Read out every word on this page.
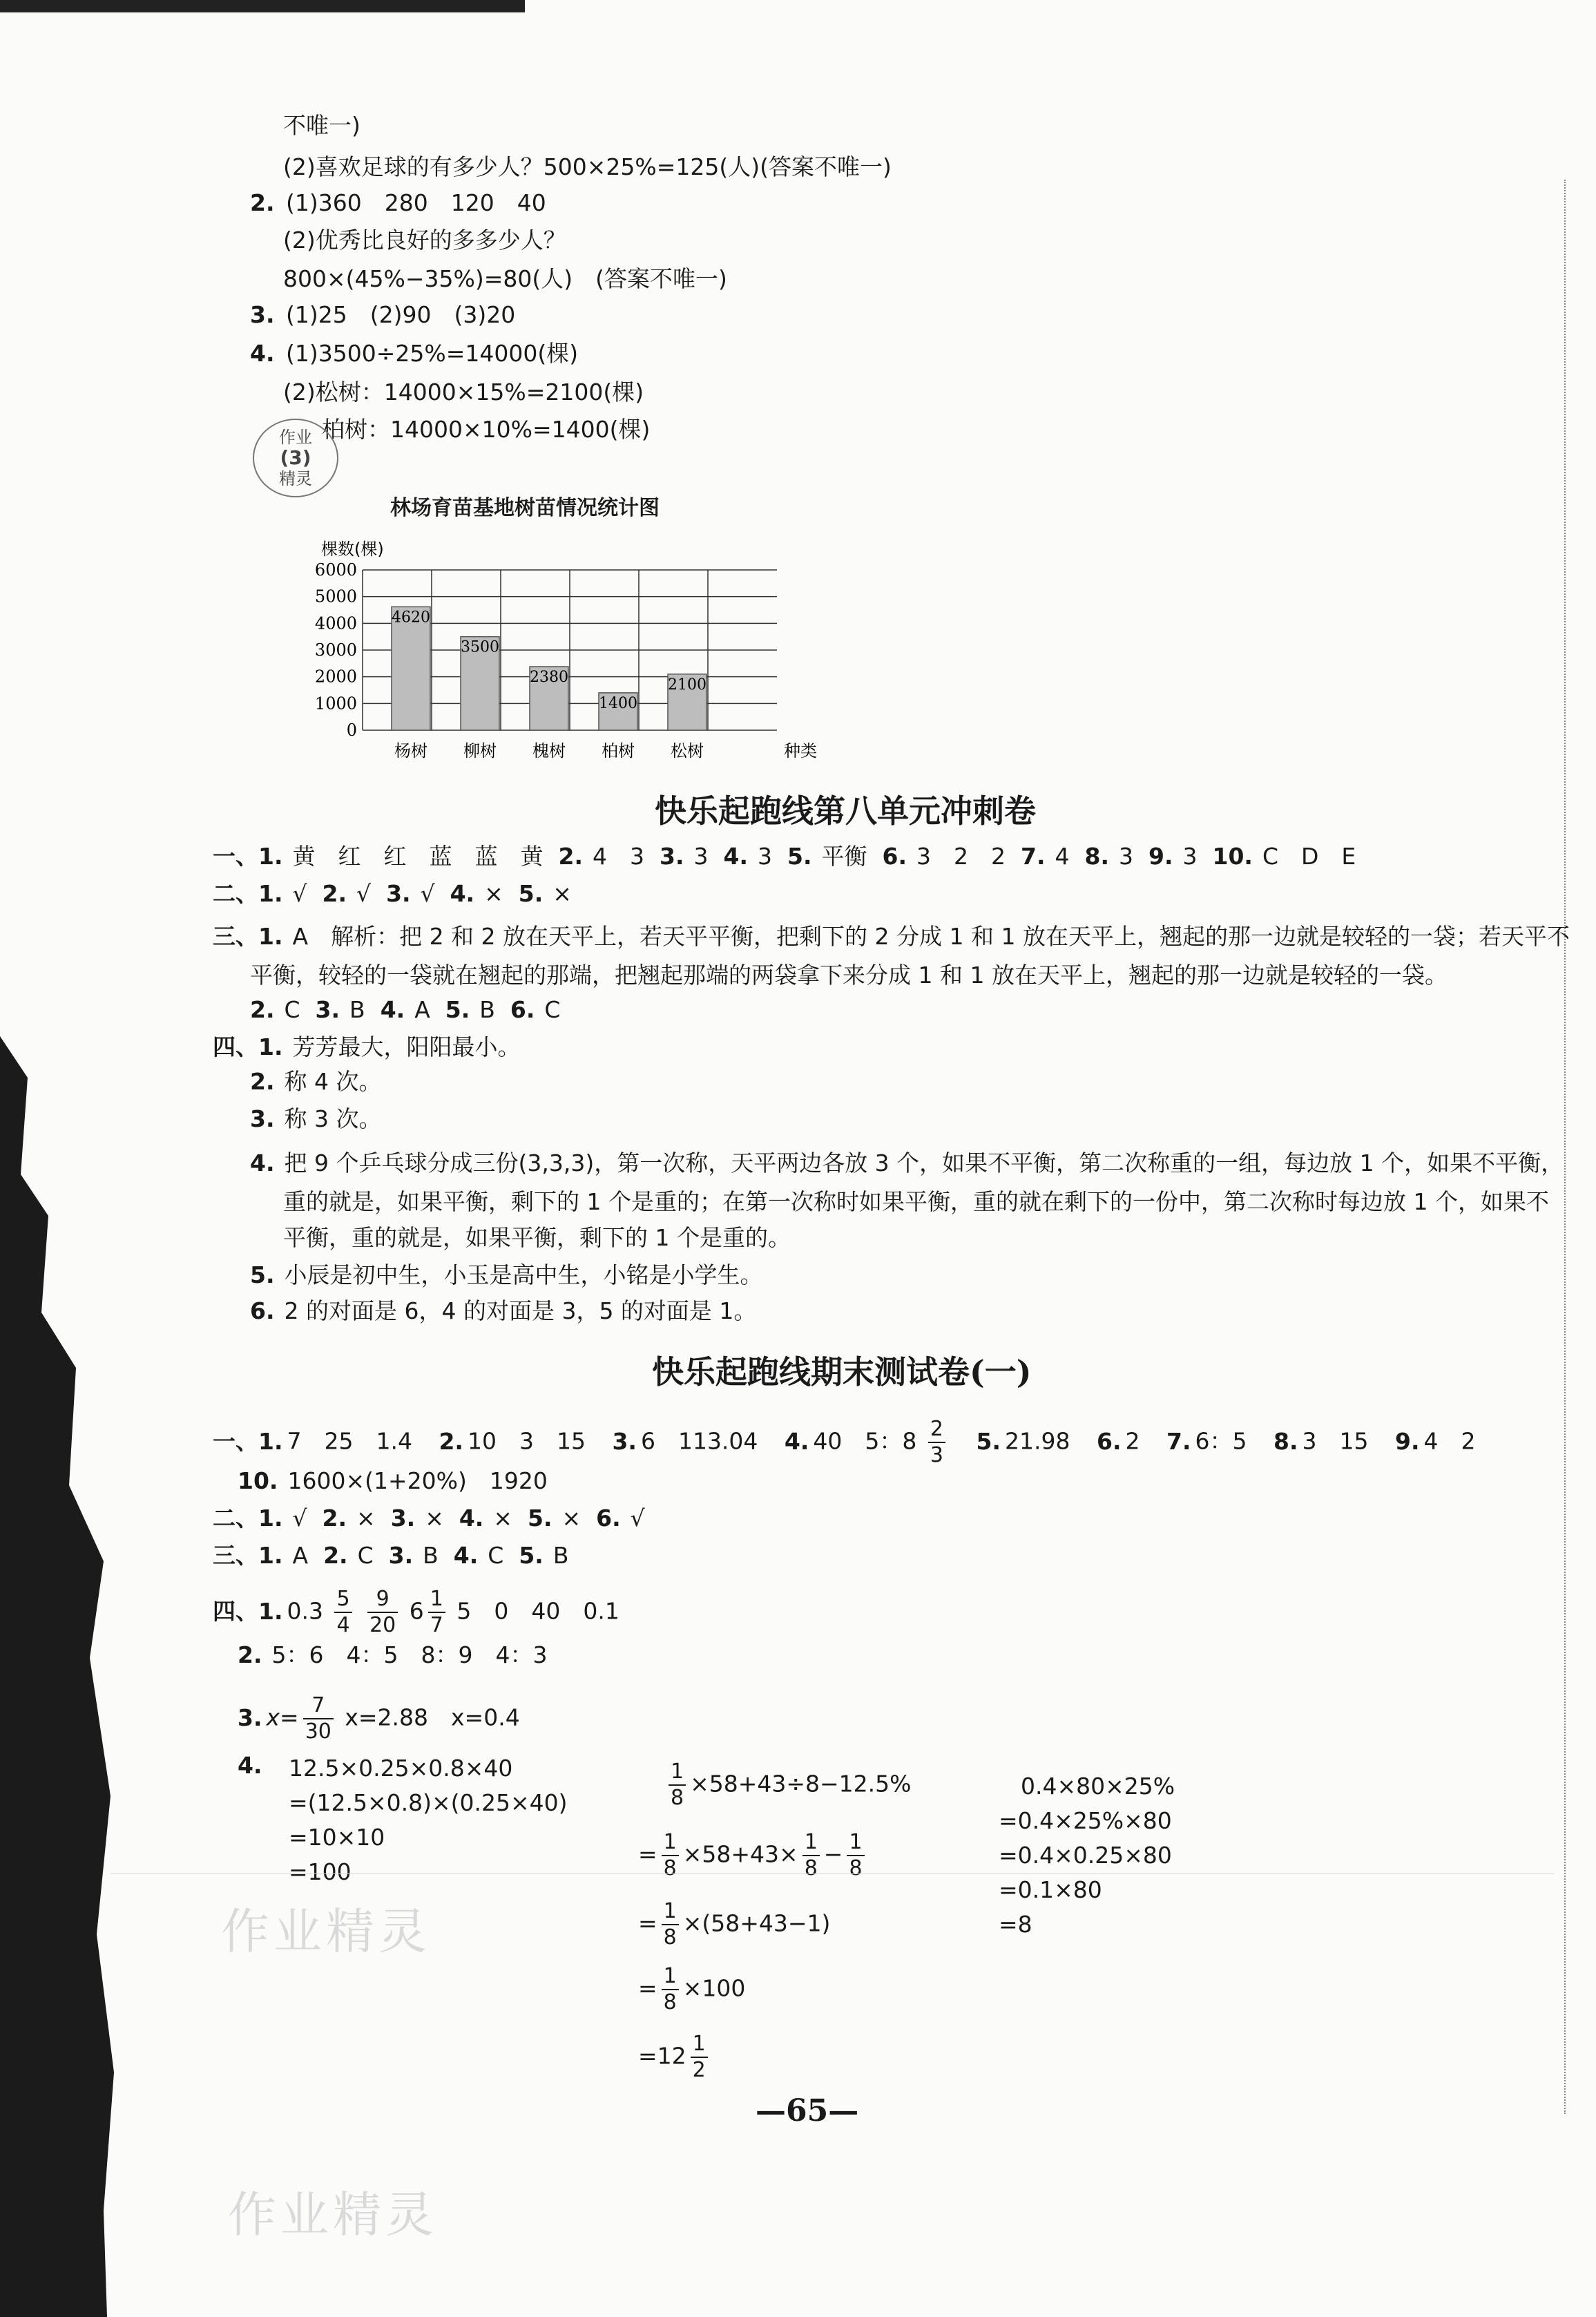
不唯一)
(2)喜欢足球的有多少人？500×25%=125(人)(答案不唯一)
2. (1)360　280　120　40
(2)优秀比良好的多多少人？
800×(45%−35%)=80(人)　(答案不唯一)
3. (1)25　(2)90　(3)20
4. (1)3500÷25%=14000(棵)
(2)松树：14000×15%=2100(棵)
柏树：14000×10%=1400(棵)
作业
(3)
精灵
林场育苗基地树苗情况统计图
棵数(棵)
0
1000
2000
3000
4000
5000
6000
4620
杨树
3500
柳树
2380
槐树
1400
柏树
2100
松树	种类
快乐起跑线第八单元冲刺卷
一、1. 黄　红　红　蓝　蓝　黄 2. 4　3 3. 3 4. 3 5. 平衡 6. 3　2　2 7. 4 8. 3 9. 3 10. C　D　E
二、1. √ 2. √ 3. √ 4. × 5. ×
三、1. A　解析：把 2 和 2 放在天平上，若天平平衡，把剩下的 2 分成 1 和 1 放在天平上，翘起的那一边就是较轻的一袋；若天平不
平衡，较轻的一袋就在翘起的那端，把翘起那端的两袋拿下来分成 1 和 1 放在天平上，翘起的那一边就是较轻的一袋。
2. C 3. B 4. A 5. B 6. C
四、1. 芳芳最大，阳阳最小。
2. 称 4 次。
3. 称 3 次。
4. 把 9 个乒乓球分成三份(3,3,3)，第一次称，天平两边各放 3 个，如果不平衡，第二次称重的一组，每边放 1 个，如果不平衡，
重的就是，如果平衡，剩下的 1 个是重的；在第一次称时如果平衡，重的就在剩下的一份中，第二次称时每边放 1 个，如果不
平衡，重的就是，如果平衡，剩下的 1 个是重的。
5. 小辰是初中生，小玉是高中生，小铭是小学生。
6. 2 的对面是 6，4 的对面是 3，5 的对面是 1。
快乐起跑线期末测试卷(一)
一、1. 7　25　1.4 2. 10　3　15 3. 6　113.04 4. 40　5：$8 \frac{2}{3} 5$. 21.98 6. 2 7. 6：5 8. 3　15 9. 4　2
10. 1600×(1+20%)　1920
二、1. √ 2. × 3. × 4. × 5. × 6. √
三、1. A 2. C 3. B 4. C 5. B
四、1. $0.3 \frac{5}{4}$
$\frac{9}{20} 6 \frac{1}{7} 5$　0　40　0.1
2. 5：6　4：5　8：9　4：3
3. $x= \frac{7}{30} x=2.88$　x=0.4
4. 12.5×0.25×0.8×40
=(12.5×0.8)×(0.25×40)
=10×10
=100
$\frac{1}{8} \times 58+43\div 8-12.5\%$
= $\frac{1}{8} \times 58+43\times \frac{1}{8} - \frac{1}{8}$
= $\frac{1}{8} \times(58+43-1)$
= $\frac{1}{8} \times 100$
$=12 \frac{1}{2}$
0.4×80×25%
=0.4×25%×80
=0.4×0.25×80
=0.1×80
=8
作业精灵
作业精灵
—65—
